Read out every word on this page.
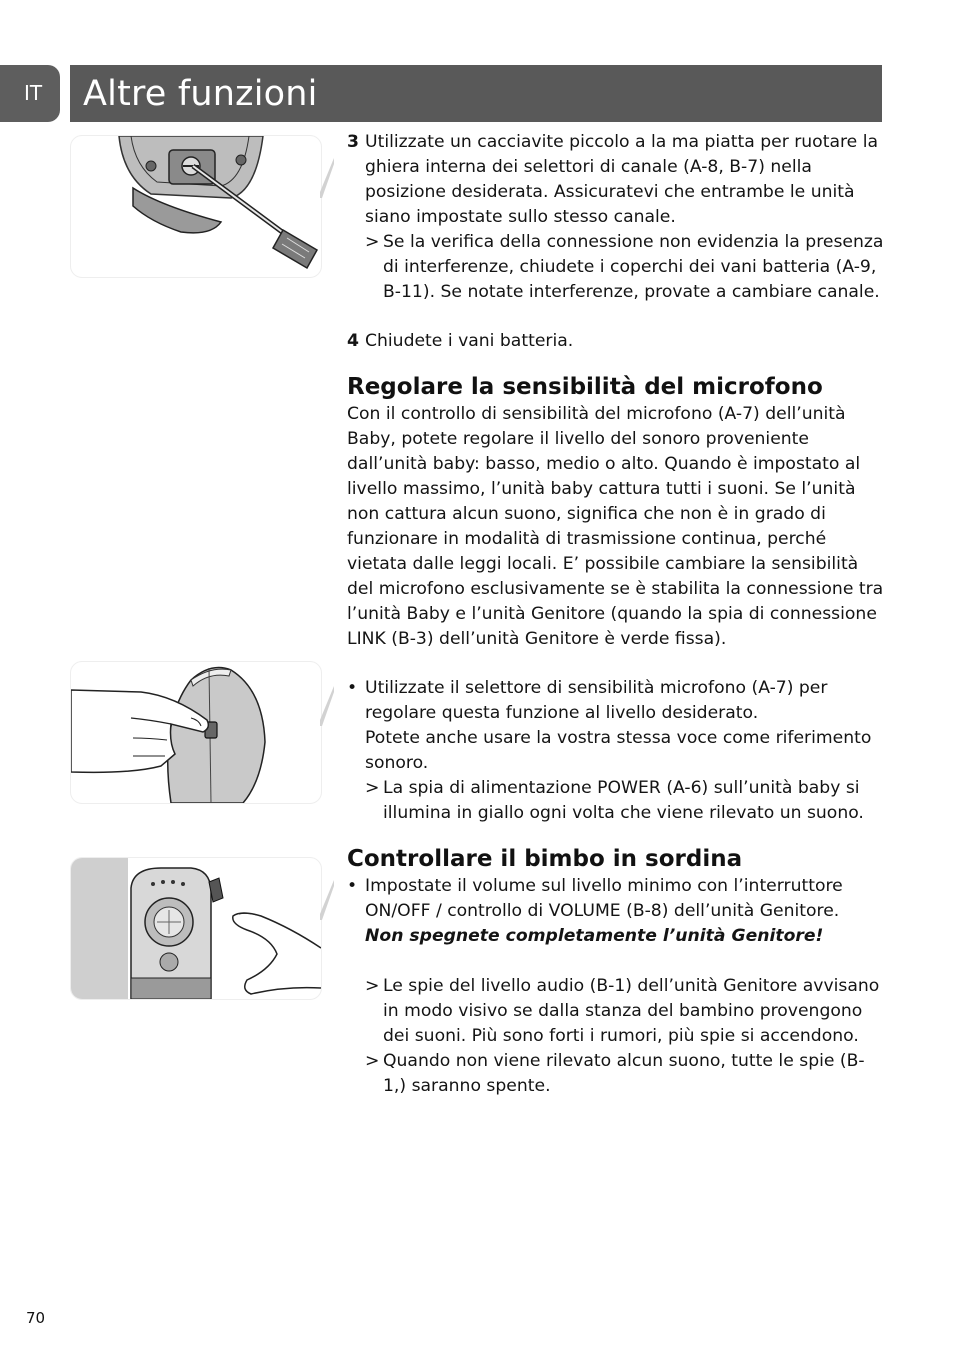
IT	Altre funzioni
3 Utilizzate un cacciavite piccolo a la ma piatta per ruotare la ghiera interna dei selettori di canale (A-8, B-7) nella posizione desiderata. Assicuratevi che entrambe le unità siano impostate sullo stesso canale.
> Se la verifica della connessione non evidenzia la presenza di interferenze, chiudete i coperchi dei vani batteria (A-9, B-11). Se notate interferenze, provate a cambiare canale.
4 Chiudete i vani batteria.
Regolare la sensibilità del microfono

Con il controllo di sensibilità del microfono (A-7) dell’unità Baby, potete regolare il livello del sonoro proveniente dall’unità baby: basso, medio o alto. Quando è impostato al livello massimo, l’unità baby cattura tutti i suoni. Se l’unità non cattura alcun suono, significa che non è in grado di funzionare in modalità di trasmissione continua, perché vietata dalle leggi locali. E’ possibile cambiare la sensibilità del microfono esclusivamente se è stabilita la connessione tra l’unità Baby e l’unità Genitore (quando la spia di connessione LINK (B-3) dell’unità Genitore è verde fissa).

• Utilizzate il selettore di sensibilità microfono (A-7) per regolare questa funzione al livello desiderato.
Potete anche usare la vostra stessa voce come riferimento sonoro.
> La spia di alimentazione POWER (A-6) sull’unità baby si illumina in giallo ogni volta che viene rilevato un suono.
Controllare il bimbo in sordina
• Impostate il volume sul livello minimo con l’interruttore ON/OFF / controllo di VOLUME (B-8) dell’unità Genitore.
Non spegnete completamente l’unità Genitore!
> Le spie del livello audio (B-1) dell’unità Genitore avvisano in modo visivo se dalla stanza del bambino provengono dei suoni. Più sono forti i rumori, più spie si accendono.
> Quando non viene rilevato alcun suono, tutte le spie (B-1,) saranno spente.
70
